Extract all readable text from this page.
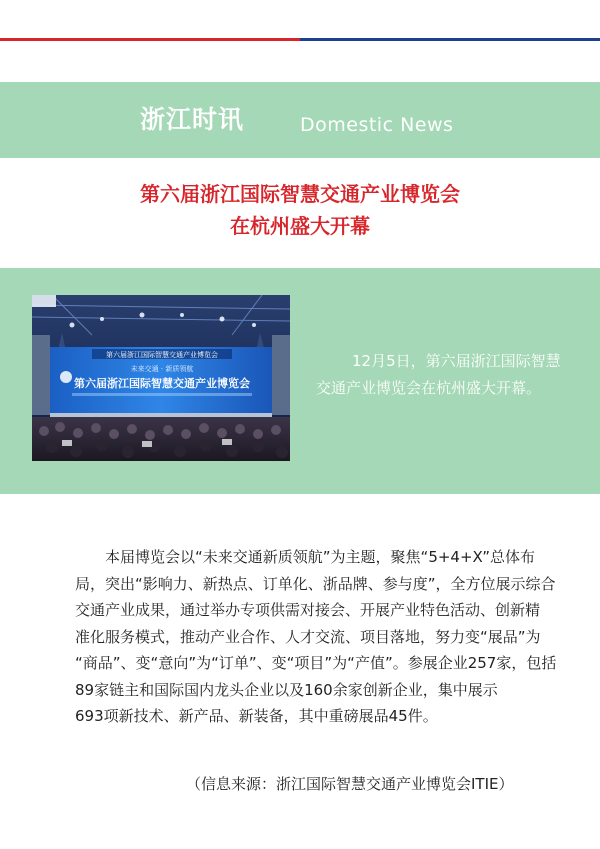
浙江时讯	Domestic News
第六届浙江国际智慧交通产业博览会
在杭州盛大开幕
第六届浙江国际智慧交通产业博览会
未来交通 · 新质领航
第六届浙江国际智慧交通产业博览会
12月5日，第六届浙江国际智慧
交通产业博览会在杭州盛大开幕。
本届博览会以“未来交通新质领航”为主题，聚焦“5+4+X”总体布
局，突出“影响力、新热点、订单化、浙品牌、参与度”，全方位展示综合
交通产业成果，通过举办专项供需对接会、开展产业特色活动、创新精
准化服务模式，推动产业合作、人才交流、项目落地，努力变“展品”为
“商品”、变“意向”为“订单”、变“项目”为“产值”。参展企业257家，包括
89家链主和国际国内龙头企业以及160余家创新企业，集中展示
693项新技术、新产品、新装备，其中重磅展品45件。
（信息来源：浙江国际智慧交通产业博览会ITIE）
